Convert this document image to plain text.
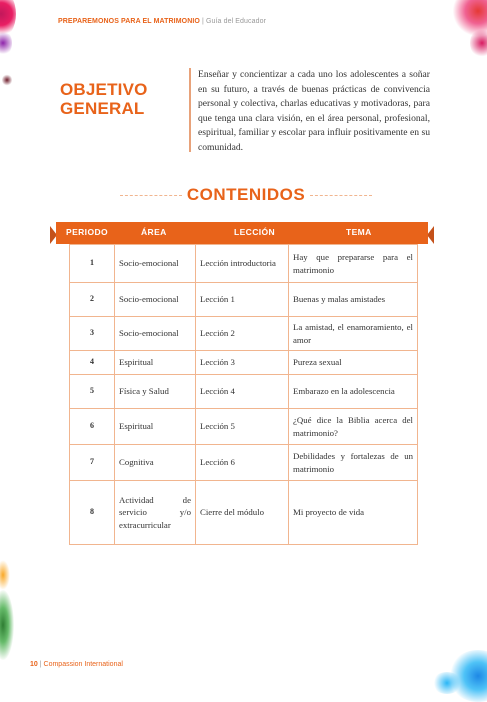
PREPAREMONOS PARA EL MATRIMONIO | Guía del Educador
OBJETIVO GENERAL
Enseñar y concientizar a cada uno los adolescentes a soñar en su futuro, a través de buenas prácticas de convivencia personal y colectiva, charlas educativas y motivadoras, para que tenga una clara visión, en el área personal, profesional, espiritual, familiar y escolar para influir positivamente en su comunidad.
CONTENIDOS
PERIODO	ÁREA	LECCIÓN	TEMA
1	Socio-emocional	Lección introductoria	Hay que prepararse para el matrimonio
2	Socio-emocional	Lección 1	Buenas y malas amistades
3	Socio-emocional	Lección 2	La amistad, el enamoramiento, el amor
4	Espiritual	Lección 3	Pureza sexual
5	Física y Salud	Lección 4	Embarazo en la adolescencia
6	Espiritual	Lección 5	¿Qué dice la Biblia acerca del matrimonio?
7	Cognitiva	Lección 6	Debilidades y fortalezas de un matrimonio
8	Actividad de servicio y/o extracurricular	Cierre del módulo	Mi proyecto de vida
10 | Compassion International
